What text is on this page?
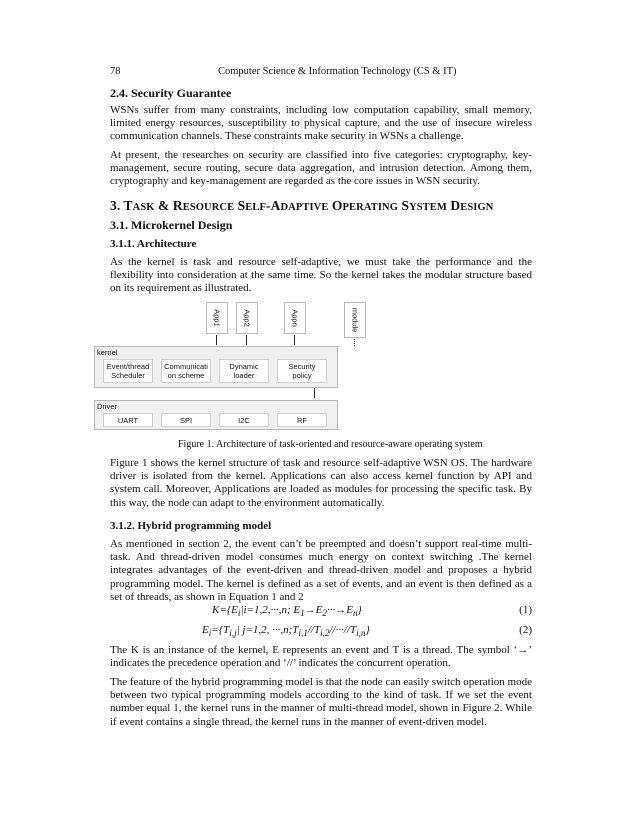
78	Computer Science & Information Technology (CS & IT)
2.4. Security Guarantee
WSNs suffer from many constraints, including low computation capability, small memory, limited energy resources, susceptibility to physical capture, and the use of insecure wireless communication channels. These constraints make security in WSNs a challenge.
At present, the researches on security are classified into five categories: cryptography, key-management, secure routing, secure data aggregation, and intrusion detection. Among them, cryptography and key-management are regarded as the core issues in WSN security.
3. TASK & RESOURCE SELF-ADAPTIVE OPERATING SYSTEM DESIGN
3.1. Microkernel Design
3.1.1. Architecture
As the kernel is task and resource self-adaptive, we must take the performance and the flexibility into consideration at the same time. So the kernel takes the modular structure based on its requirement as illustrated.
Figure 1. Architecture of task-oriented and resource-aware operating system
Figure 1 shows the kernel structure of task and resource self-adaptive WSN OS. The hardware driver is isolated from the kernel. Applications can also access kernel function by API and system call. Moreover, Applications are loaded as modules for processing the specific task. By this way, the node can adapt to the environment automatically.
3.1.2. Hybrid programming model
As mentioned in section 2, the event can’t be preempted and doesn’t support real-time multi-task. And thread-driven model consumes much energy on context switching .The kernel integrates advantages of the event-driven and thread-driven model and proposes a hybrid programming model. The kernel is defined as a set of events, and an event is then defined as a set of threads, as shown in Equation 1 and 2
$K=\{E_i|i=1,2,\cdot\cdot\cdot,n$; $E_1\to E_2\cdot\cdot\cdot\to E_n$}	(1)
$E_i=\{T_{i,j}|$ j=1,2, $\cdot\cdot\cdot,n;T_{i,1}//T_{i,2}//\cdot\cdot\cdot//T_{i,n}$}	(2)
The K is an instance of the kernel, E represents an event and T is a thread. The symbol ‘→’ indicates the precedence operation and ‘//’ indicates the concurrent operation.
The feature of the hybrid programming model is that the node can easily switch operation mode between two typical programming models according to the kind of task. If we set the event number equal 1, the kernel runs in the manner of multi-thread model, shown in Figure 2. While if event contains a single thread, the kernel runs in the manner of event-driven model.
App1	App2	Appn	module
kernel
Event/thread Scheduler
Communicati on scheme
Dynamic loader
Security policy
Driver
UART	SPI	I2C	RF
